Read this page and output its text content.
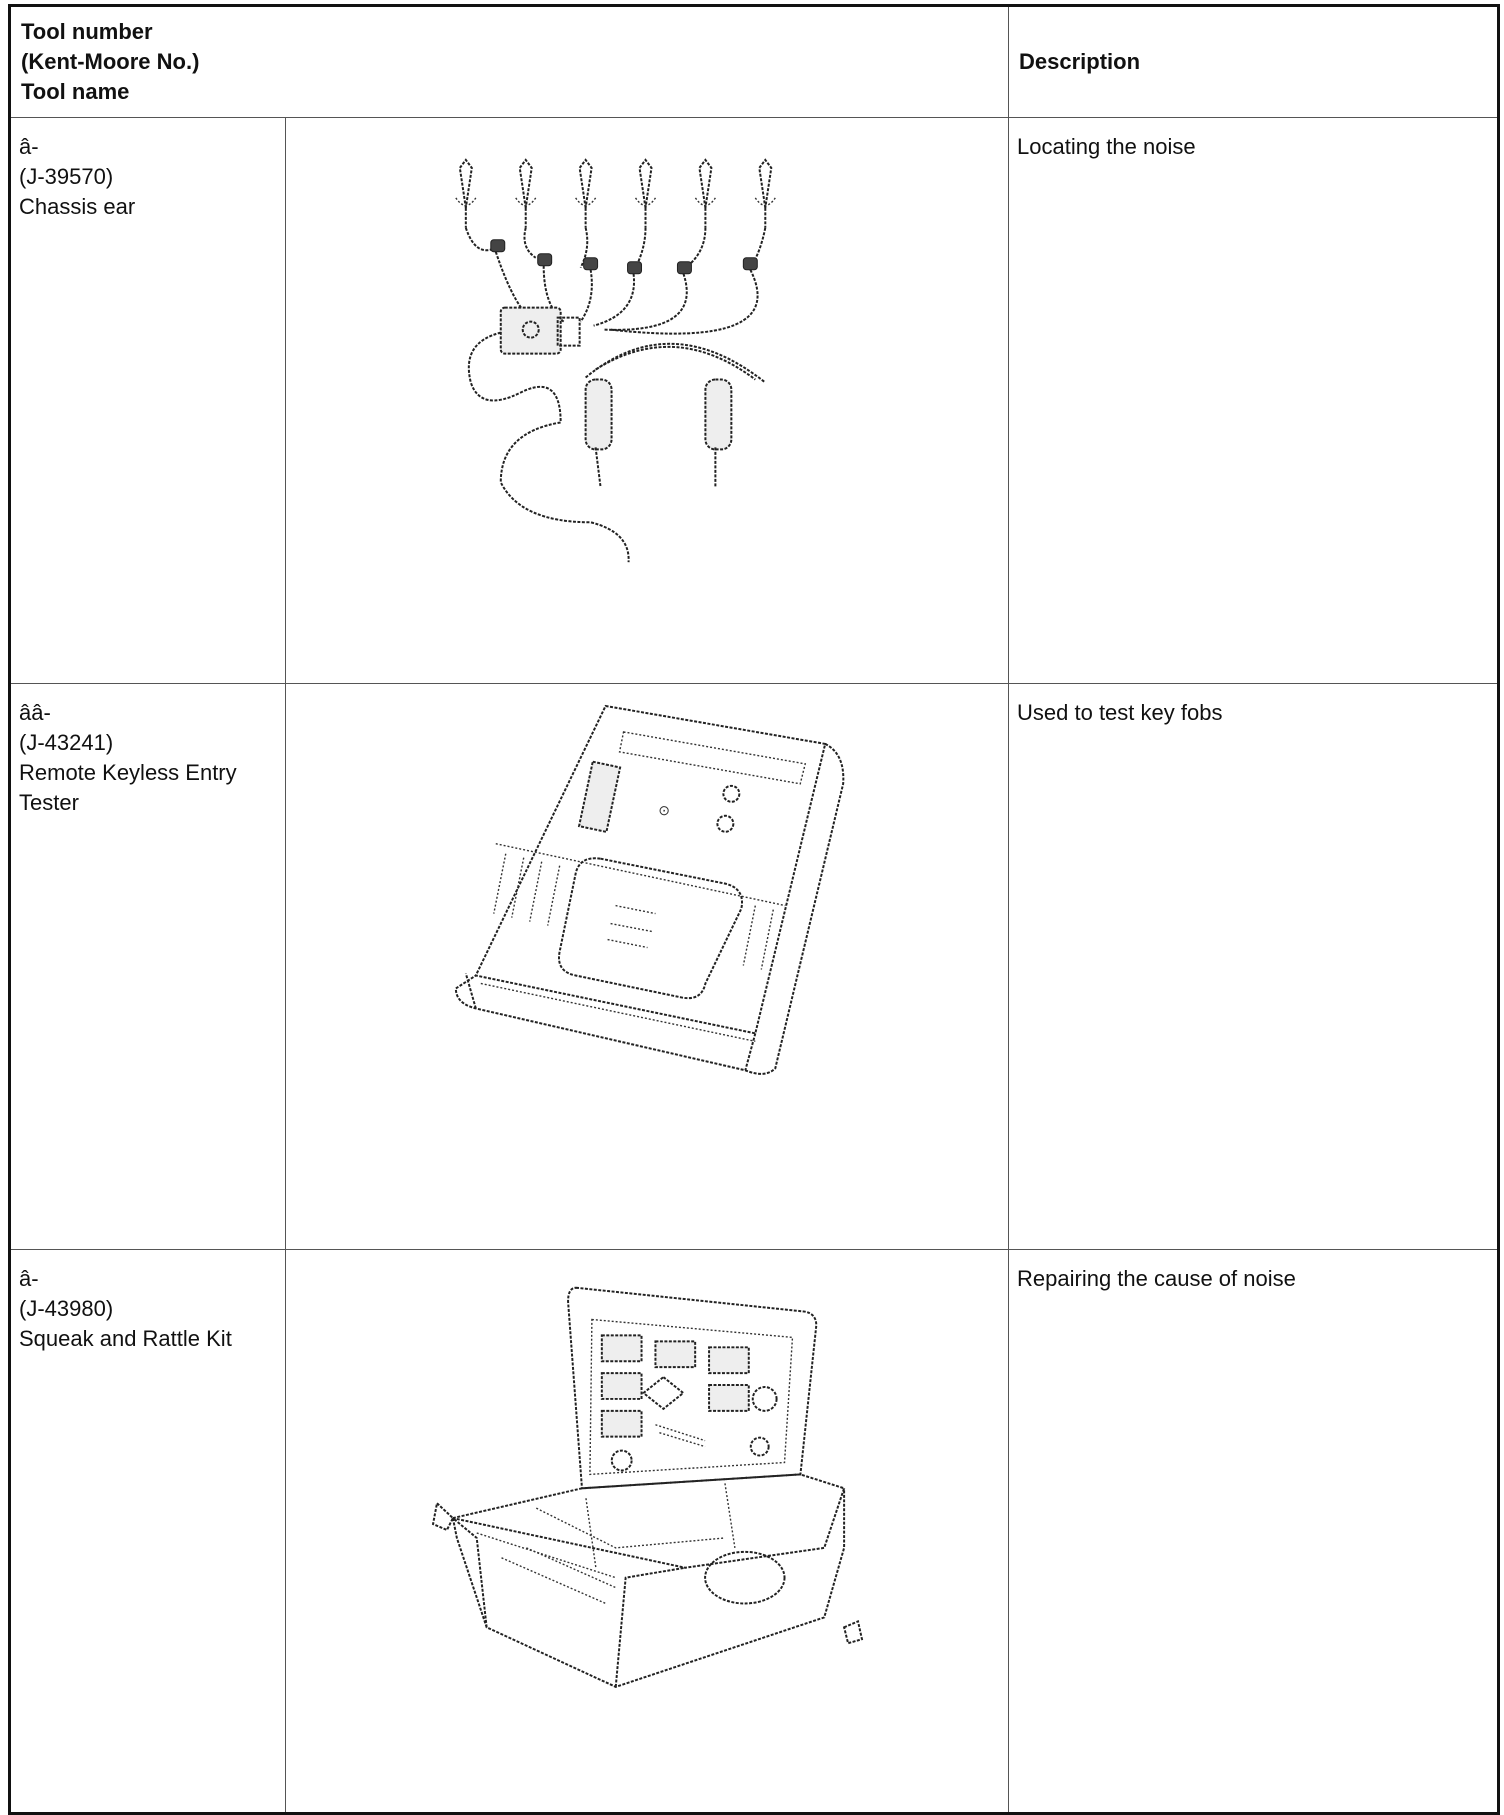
Tool number
(Kent-Moore No.)
Tool name		Description

â-
(J-39570)
Chassis ear		Locating the noise

ââ-
(J-43241)
Remote Keyless Entry
Tester	⊙	Used to test key fobs

â-
(J-43980)
Squeak and Rattle Kit		Repairing the cause of noise
